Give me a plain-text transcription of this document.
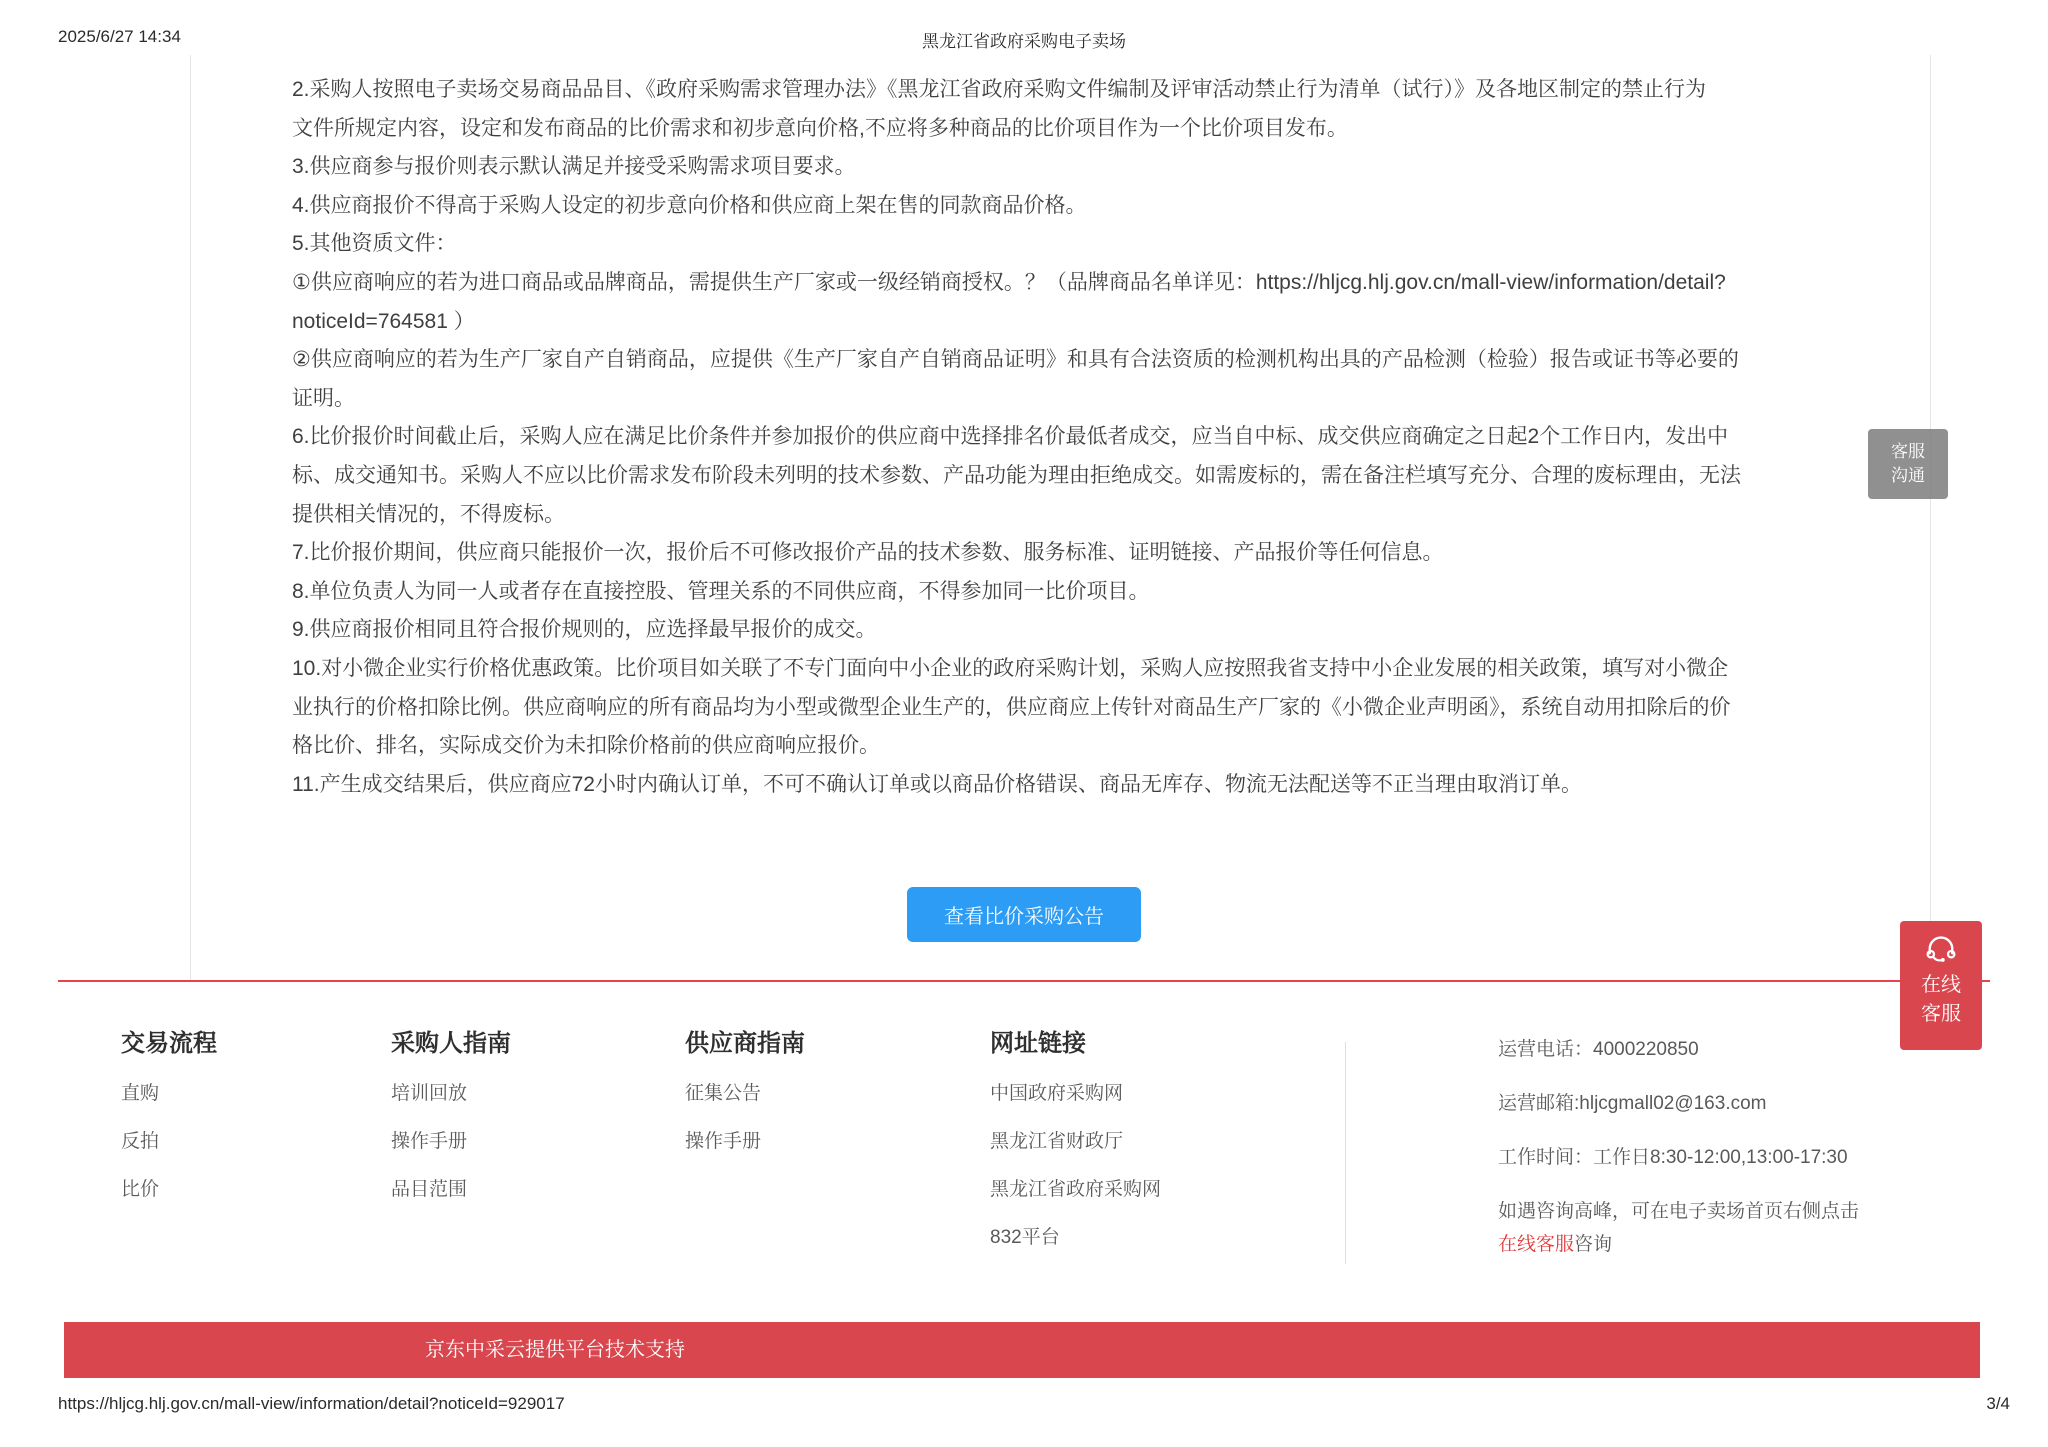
2025/6/27 14:34	黑龙江省政府采购电子卖场
2.采购人按照电子卖场交易商品品目、《政府采购需求管理办法》《黑龙江省政府采购文件编制及评审活动禁止行为清单（试行）》及各地区制定的禁止行为
文件所规定内容，设定和发布商品的比价需求和初步意向价格,不应将多种商品的比价项目作为一个比价项目发布。
3.供应商参与报价则表示默认满足并接受采购需求项目要求。
4.供应商报价不得高于采购人设定的初步意向价格和供应商上架在售的同款商品价格。
5.其他资质文件：
①供应商响应的若为进口商品或品牌商品，需提供生产厂家或一级经销商授权。？（品牌商品名单详见：https://hljcg.hlj.gov.cn/mall-view/information/detail?
noticeId=764581 ）
②供应商响应的若为生产厂家自产自销商品，应提供《生产厂家自产自销商品证明》和具有合法资质的检测机构出具的产品检测（检验）报告或证书等必要的
证明。
6.比价报价时间截止后，采购人应在满足比价条件并参加报价的供应商中选择排名价最低者成交，应当自中标、成交供应商确定之日起2个工作日内，发出中
标、成交通知书。采购人不应以比价需求发布阶段未列明的技术参数、产品功能为理由拒绝成交。如需废标的，需在备注栏填写充分、合理的废标理由，无法
提供相关情况的，不得废标。
7.比价报价期间，供应商只能报价一次，报价后不可修改报价产品的技术参数、服务标准、证明链接、产品报价等任何信息。
8.单位负责人为同一人或者存在直接控股、管理关系的不同供应商，不得参加同一比价项目。
9.供应商报价相同且符合报价规则的，应选择最早报价的成交。
10.对小微企业实行价格优惠政策。比价项目如关联了不专门面向中小企业的政府采购计划，采购人应按照我省支持中小企业发展的相关政策，填写对小微企
业执行的价格扣除比例。供应商响应的所有商品均为小型或微型企业生产的，供应商应上传针对商品生产厂家的《小微企业声明函》，系统自动用扣除后的价
格比价、排名，实际成交价为未扣除价格前的供应商响应报价。
11.产生成交结果后，供应商应72小时内确认订单，不可不确认订单或以商品价格错误、商品无库存、物流无法配送等不正当理由取消订单。
查看比价采购公告
客服
沟通
在线
客服
交易流程
直购
反拍
比价
采购人指南
培训回放
操作手册
品目范围
供应商指南
征集公告
操作手册
网址链接
中国政府采购网
黑龙江省财政厅
黑龙江省政府采购网
832平台
运营电话：4000220850
运营邮箱:hljcgmall02@163.com
工作时间：工作日8:30-12:00,13:00-17:30
如遇咨询高峰，可在电子卖场首页右侧点击
在线客服咨询
京东中采云提供平台技术支持
https://hljcg.hlj.gov.cn/mall-view/information/detail?noticeId=929017	3/4
